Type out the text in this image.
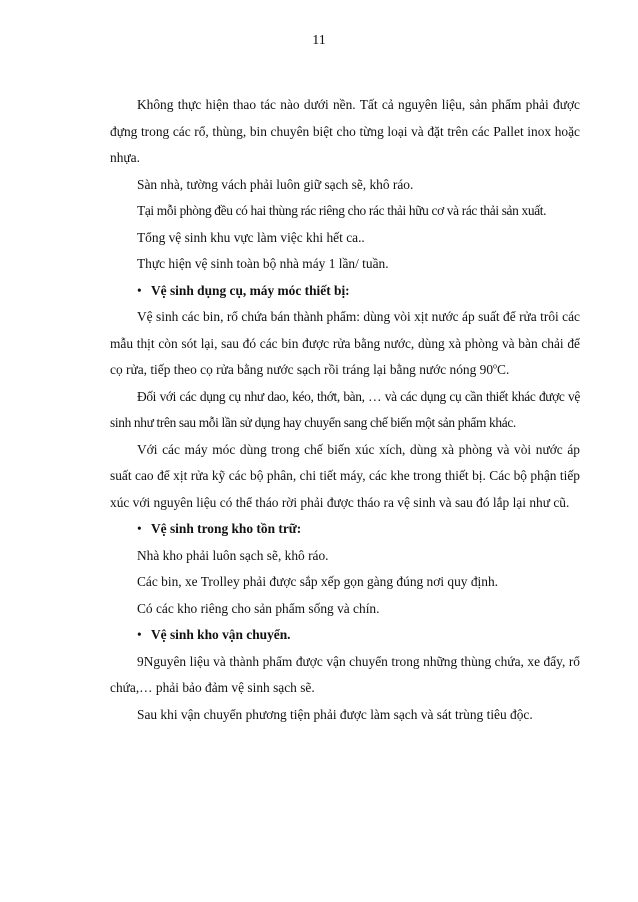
11

Không thực hiện thao tác nào dưới nền. Tất cả nguyên liệu, sản phẩm phải được đựng trong các rổ, thùng, bin chuyên biệt cho từng loại và đặt trên các Pallet inox hoặc nhựa.

Sàn nhà, tường vách phải luôn giữ sạch sẽ, khô ráo.

Tại mỗi phòng đều có hai thùng rác riêng cho rác thải hữu cơ và rác thải sản xuất.

Tổng vệ sinh khu vực làm việc khi hết ca..

Thực hiện vệ sinh toàn bộ nhà máy 1 lần/ tuần.

• Vệ sinh dụng cụ, máy móc thiết bị:

Vệ sinh các bin, rổ chứa bán thành phẩm: dùng vòi xịt nước áp suất để rửa trôi các mẫu thịt còn sót lại, sau đó các bin được rửa bằng nước, dùng xà phòng và bàn chải để cọ rửa, tiếp theo cọ rửa bằng nước sạch rồi tráng lại bằng nước nóng 90$^o$C.

Đối với các dụng cụ như dao, kéo, thớt, bàn, … và các dụng cụ cần thiết khác được vệ sinh như trên sau mỗi lần sử dụng hay chuyển sang chế biến một sản phẩm khác.

Với các máy móc dùng trong chế biến xúc xích, dùng xà phòng và vòi nước áp suất cao để xịt rửa kỹ các bộ phân, chi tiết máy, các khe trong thiết bị. Các bộ phận tiếp xúc với nguyên liệu có thể tháo rời phải được tháo ra vệ sinh và sau đó lắp lại như cũ.

• Vệ sinh trong kho tồn trữ:

Nhà kho phải luôn sạch sẽ, khô ráo.

Các bin, xe Trolley phải được sắp xếp gọn gàng đúng nơi quy định.

Có các kho riêng cho sản phẩm sống và chín.

• Vệ sinh kho vận chuyển.

9Nguyên liệu và thành phẩm được vận chuyển trong những thùng chứa, xe đẩy, rổ chứa,… phải bảo đảm vệ sinh sạch sẽ.

Sau khi vận chuyển phương tiện phải được làm sạch và sát trùng tiêu độc.
